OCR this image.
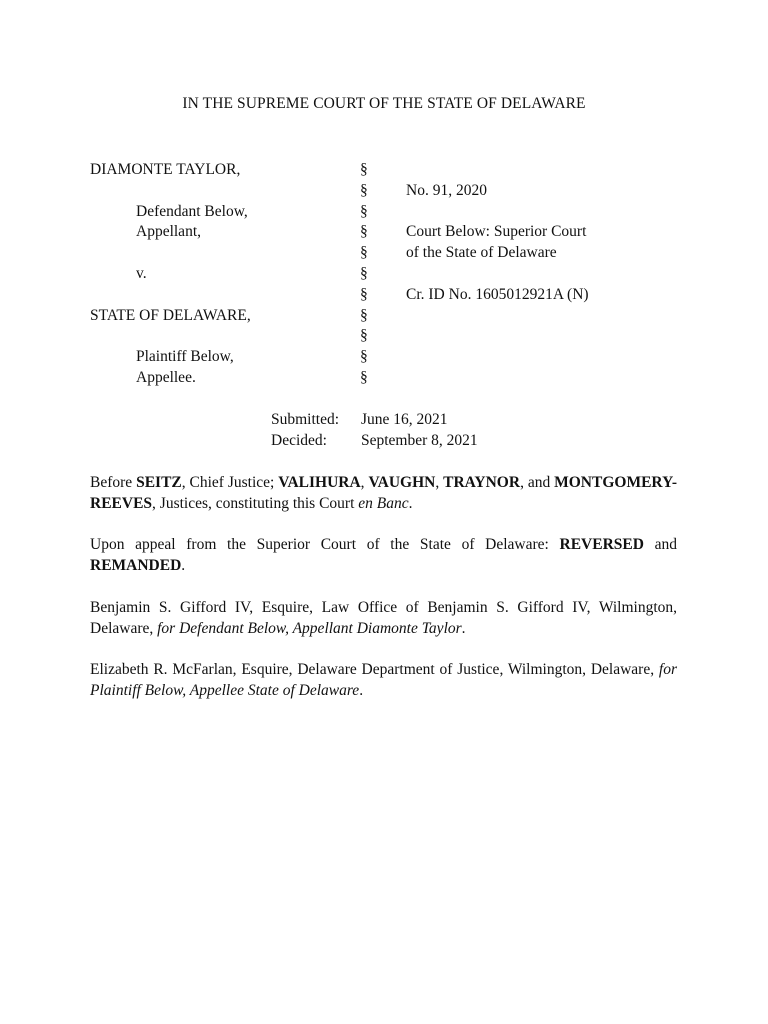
IN THE SUPREME COURT OF THE STATE OF DELAWARE
DIAMONTE TAYLOR,
Defendant Below,
Appellant,
v.
STATE OF DELAWARE,
Plaintiff Below,
Appellee.
§
§
§
§
§
§
§
§
§
§
§
No. 91, 2020
Court Below: Superior Court
of the State of Delaware
Cr. ID No. 1605012921A (N)
Submitted: June 16, 2021
Decided: September 8, 2021
Before SEITZ, Chief Justice; VALIHURA, VAUGHN, TRAYNOR, and MONTGOMERY-REEVES, Justices, constituting this Court en Banc.
Upon appeal from the Superior Court of the State of Delaware: REVERSED and REMANDED.
Benjamin S. Gifford IV, Esquire, Law Office of Benjamin S. Gifford IV, Wilmington, Delaware, for Defendant Below, Appellant Diamonte Taylor.
Elizabeth R. McFarlan, Esquire, Delaware Department of Justice, Wilmington, Delaware, for Plaintiff Below, Appellee State of Delaware.
